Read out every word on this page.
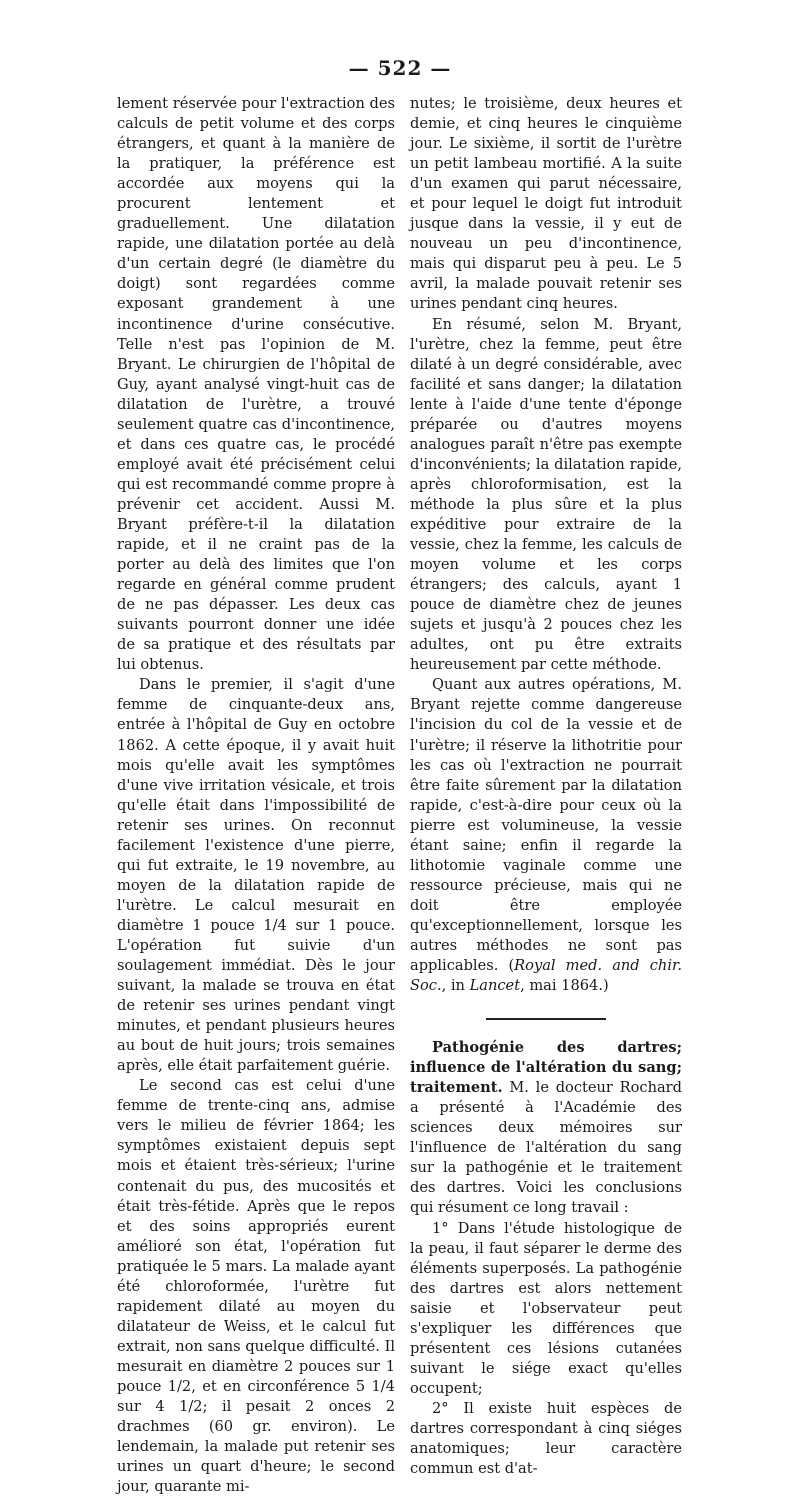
— 522 —

lement réservée pour l'extraction des calculs de petit volume et des corps étrangers, et quant à la manière de la pratiquer, la préférence est accordée aux moyens qui la procurent lentement et graduellement. Une dilatation rapide, une dilatation portée au delà d'un certain degré (le diamètre du doigt) sont regardées comme exposant grandement à une incontinence d'urine consécutive. Telle n'est pas l'opinion de M. Bryant. Le chirurgien de l'hôpital de Guy, ayant analysé vingt-huit cas de dilatation de l'urètre, a trouvé seulement quatre cas d'incontinence, et dans ces quatre cas, le procédé employé avait été précisément celui qui est recommandé comme propre à prévenir cet accident. Aussi M. Bryant préfère-t-il la dilatation rapide, et il ne craint pas de la porter au delà des limites que l'on regarde en général comme prudent de ne pas dépasser. Les deux cas suivants pourront donner une idée de sa pratique et des résultats par lui obtenus.

Dans le premier, il s'agit d'une femme de cinquante-deux ans, entrée à l'hôpital de Guy en octobre 1862. A cette époque, il y avait huit mois qu'elle avait les symptômes d'une vive irritation vésicale, et trois qu'elle était dans l'impossibilité de retenir ses urines. On reconnut facilement l'existence d'une pierre, qui fut extraite, le 19 novembre, au moyen de la dilatation rapide de l'urètre. Le calcul mesurait en diamètre 1 pouce 1/4 sur 1 pouce. L'opération fut suivie d'un soulagement immédiat. Dès le jour suivant, la malade se trouva en état de retenir ses urines pendant vingt minutes, et pendant plusieurs heures au bout de huit jours; trois semaines après, elle était parfaitement guérie.

Le second cas est celui d'une femme de trente-cinq ans, admise vers le milieu de février 1864; les symptômes existaient depuis sept mois et étaient très-sérieux; l'urine contenait du pus, des mucosités et était très-fétide. Après que le repos et des soins appropriés eurent amélioré son état, l'opération fut pratiquée le 5 mars. La malade ayant été chloroformée, l'urètre fut rapidement dilaté au moyen du dilatateur de Weiss, et le calcul fut extrait, non sans quelque difficulté. Il mesurait en diamètre 2 pouces sur 1 pouce 1/2, et en circonférence 5 1/4 sur 4 1/2; il pesait 2 onces 2 drachmes (60 gr. environ). Le lendemain, la malade put retenir ses urines un quart d'heure; le second jour, quarante mi-

nutes; le troisième, deux heures et demie, et cinq heures le cinquième jour. Le sixième, il sortit de l'urètre un petit lambeau mortifié. A la suite d'un examen qui parut nécessaire, et pour lequel le doigt fut introduit jusque dans la vessie, il y eut de nouveau un peu d'incontinence, mais qui disparut peu à peu. Le 5 avril, la malade pouvait retenir ses urines pendant cinq heures.

En résumé, selon M. Bryant, l'urètre, chez la femme, peut être dilaté à un degré considérable, avec facilité et sans danger; la dilatation lente à l'aide d'une tente d'éponge préparée ou d'autres moyens analogues paraît n'être pas exempte d'inconvénients; la dilatation rapide, après chloroformisation, est la méthode la plus sûre et la plus expéditive pour extraire de la vessie, chez la femme, les calculs de moyen volume et les corps étrangers; des calculs, ayant 1 pouce de diamètre chez de jeunes sujets et jusqu'à 2 pouces chez les adultes, ont pu être extraits heureusement par cette méthode.

Quant aux autres opérations, M. Bryant rejette comme dangereuse l'incision du col de la vessie et de l'urètre; il réserve la lithotritie pour les cas où l'extraction ne pourrait être faite sûrement par la dilatation rapide, c'est-à-dire pour ceux où la pierre est volumineuse, la vessie étant saine; enfin il regarde la lithotomie vaginale comme une ressource précieuse, mais qui ne doit être employée qu'exceptionnellement, lorsque les autres méthodes ne sont pas applicables. (Royal med. and chir. Soc., in Lancet, mai 1864.)

Pathogénie des dartres; influence de l'altération du sang; traitement. M. le docteur Rochard a présenté à l'Académie des sciences deux mémoires sur l'influence de l'altération du sang sur la pathogénie et le traitement des dartres. Voici les conclusions qui résument ce long travail :

1° Dans l'étude histologique de la peau, il faut séparer le derme des éléments superposés. La pathogénie des dartres est alors nettement saisie et l'observateur peut s'expliquer les différences que présentent ces lésions cutanées suivant le siége exact qu'elles occupent;

2° Il existe huit espèces de dartres correspondant à cinq siéges anatomiques; leur caractère commun est d'at-
